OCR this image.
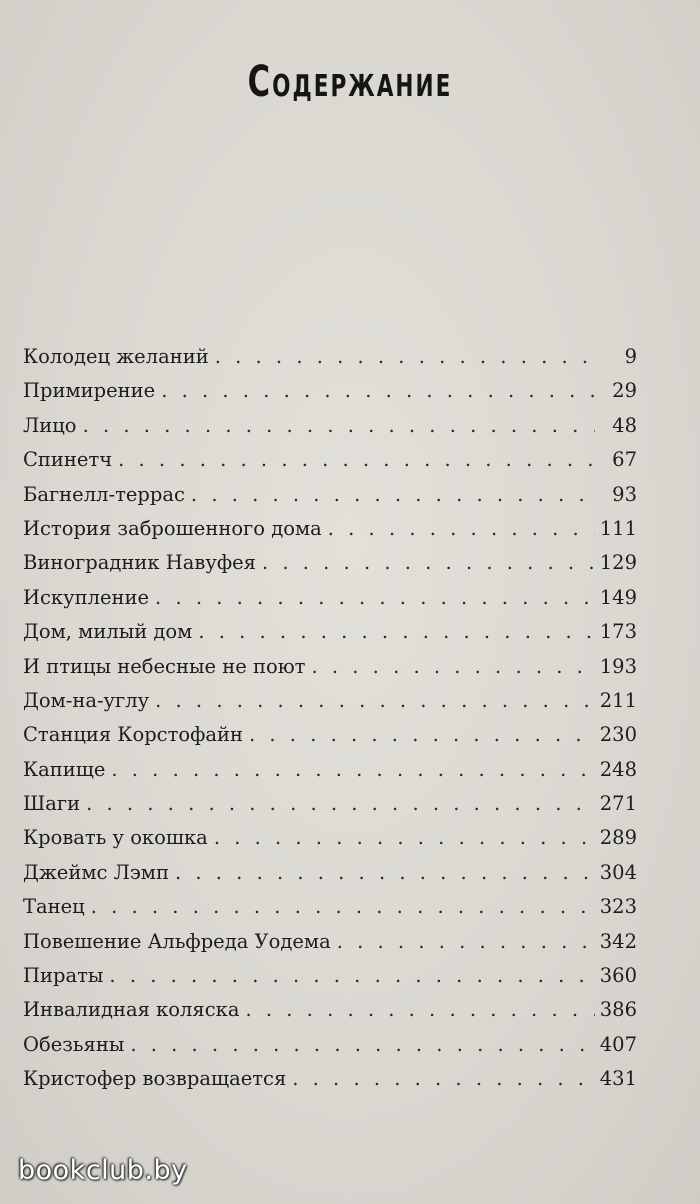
Содержание
Колодец желаний . . .	9
Примирение . . .	29
Лицо . . .	48
Спинетч . . .	67
Багнелл-террас . . .	93
История заброшенного дома . . .	111
Виноградник Навуфея . . .	129
Искупление . . .	149
Дом, милый дом . . .	173
И птицы небесные не поют . . .	193
Дом-на-углу . . .	211
Станция Корстофайн . . .	230
Капище . . .	248
Шаги . . .	271
Кровать у окошка . . .	289
Джеймс Лэмп . . .	304
Танец . . .	323
Повешение Альфреда Уодема . . .	342
Пираты . . .	360
Инвалидная коляска . . .	386
Обезьяны . . .	407
Кристофер возвращается . . .	431
bookclub.by
